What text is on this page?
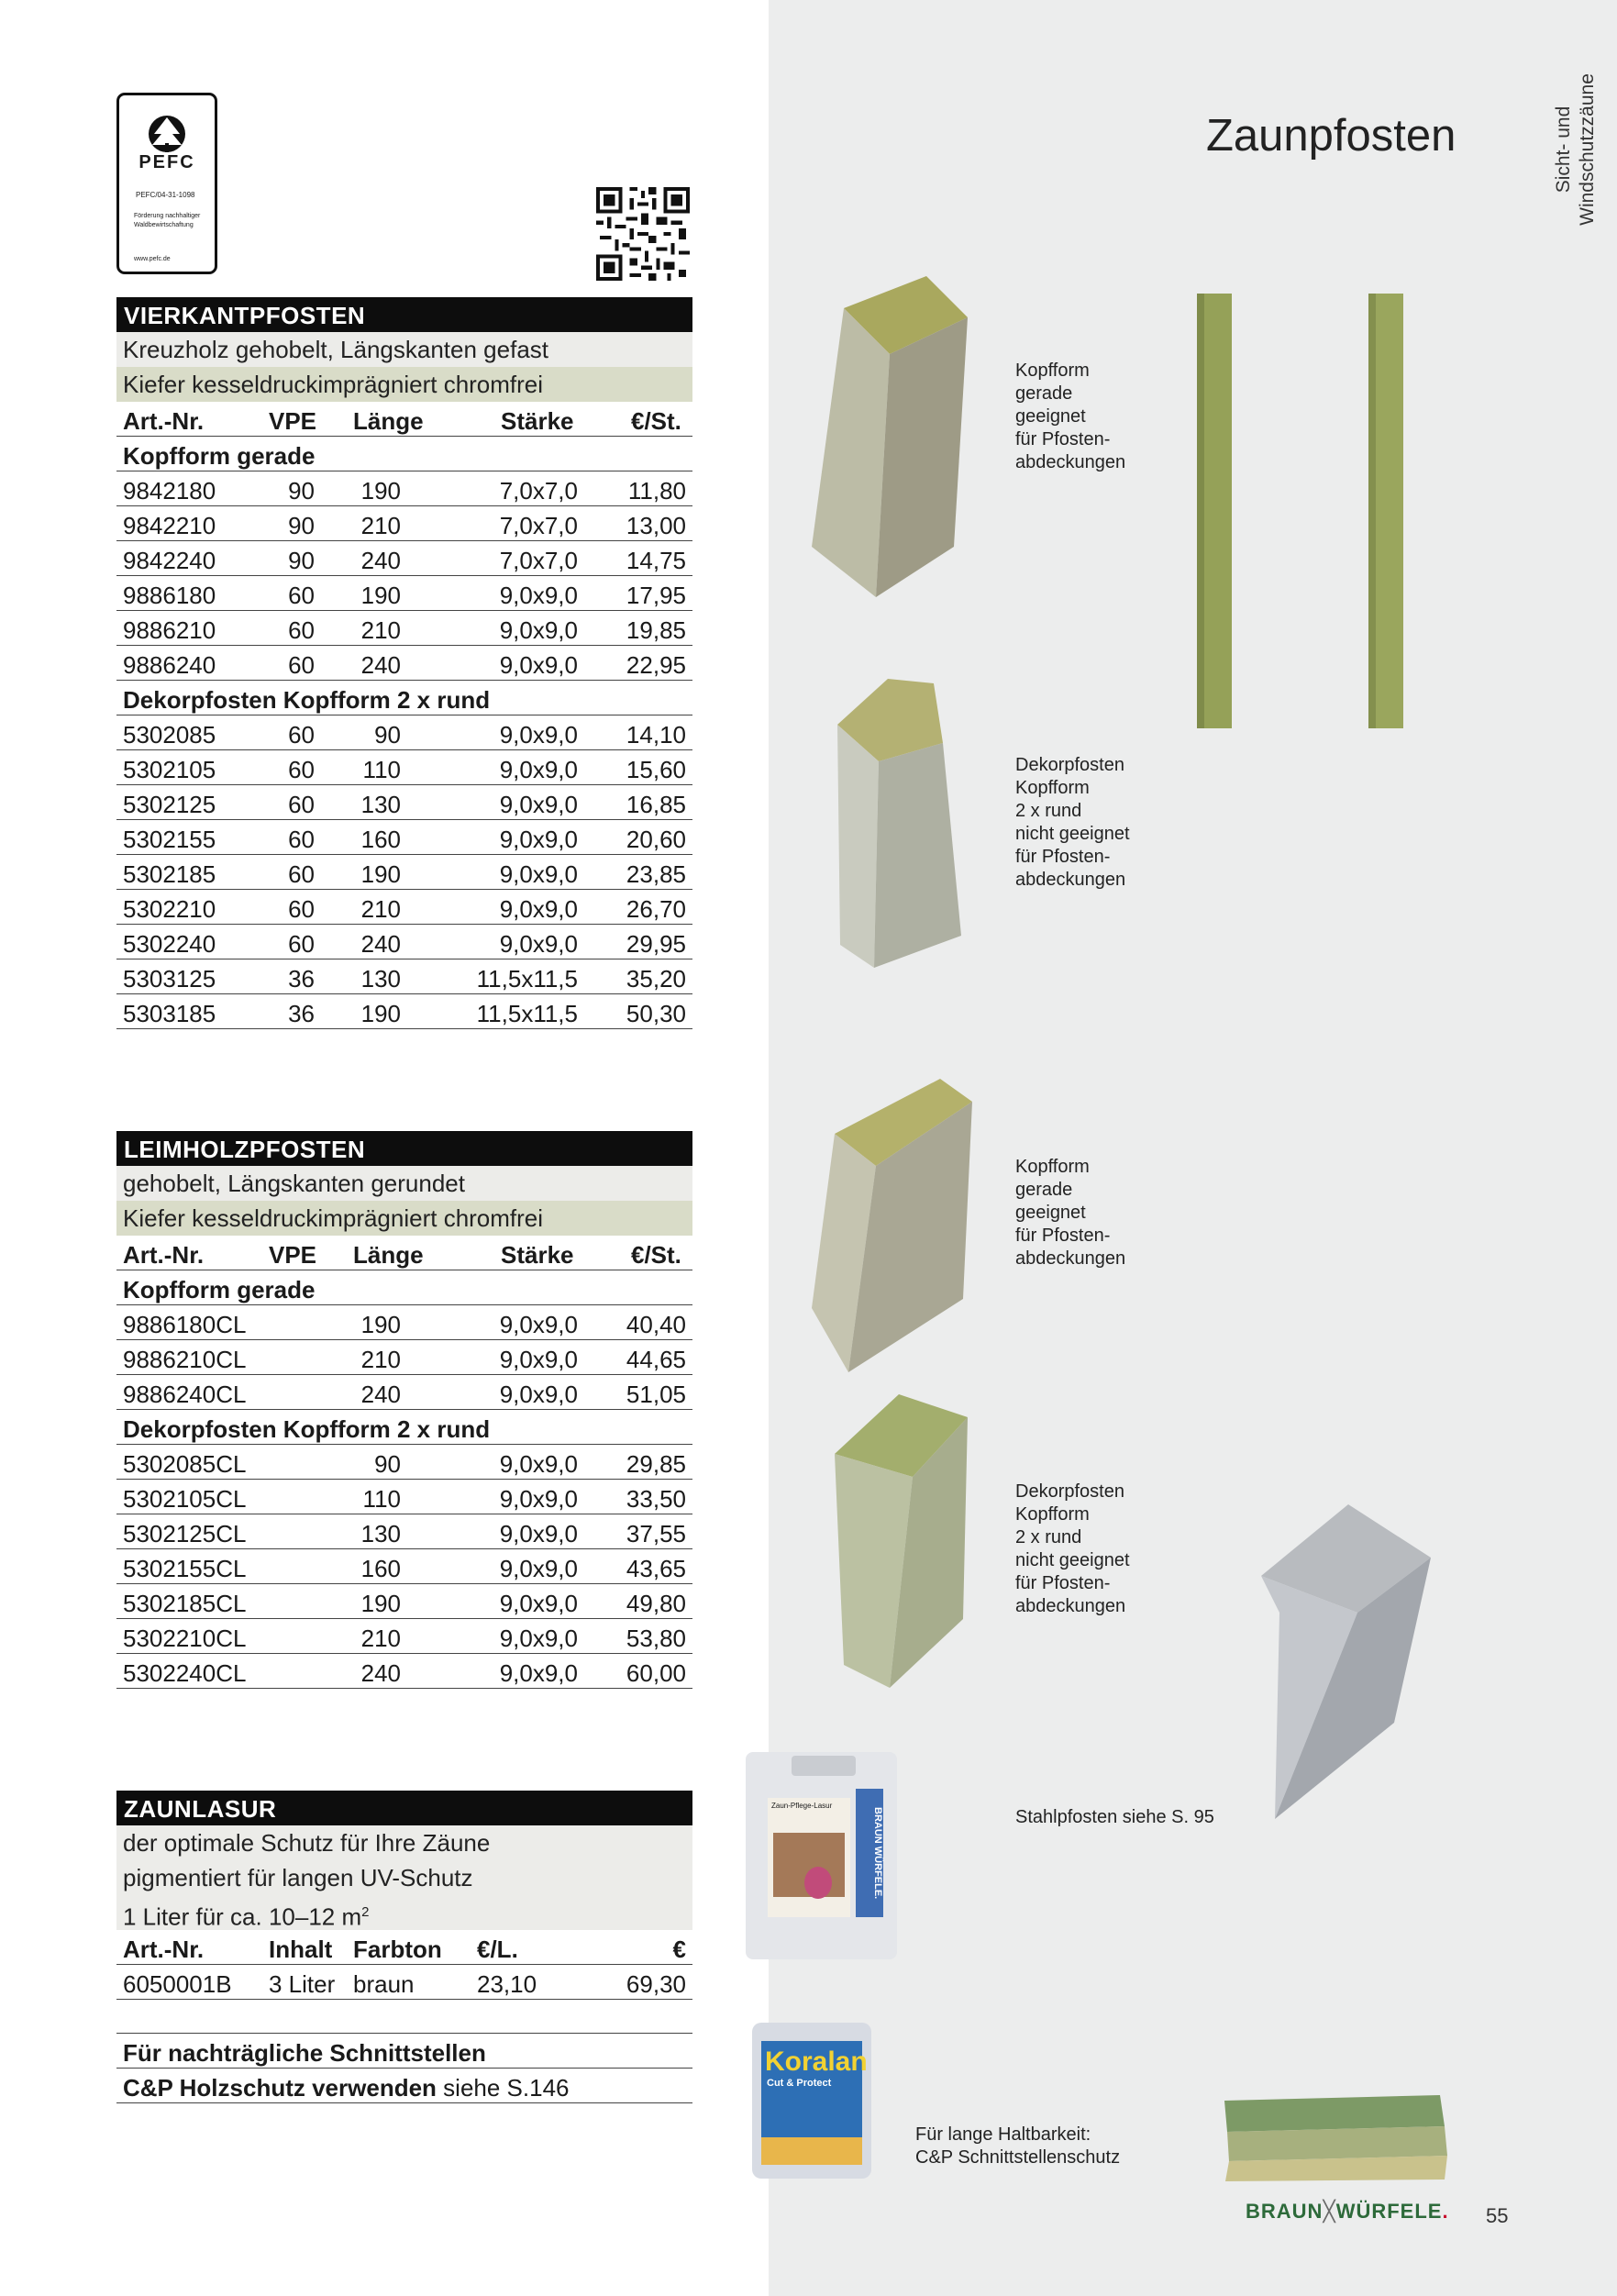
PEFC
PEFC/04-31-1098
Förderung nachhaltiger Waldbewirtschaftung
www.pefc.de
Zaunpfosten	Sicht- und Windschutzzäune
VIERKANTPFOSTEN
Kreuzholz gehobelt, Längskanten gefast
Kiefer kesseldruckimprägniert chromfrei
Art.-Nr.	VPE Länge	Stärke €/St.
Kopfform gerade
9842180	90	190	7,0x7,0	11,80
9842210	90	210	7,0x7,0	13,00
9842240	90	240	7,0x7,0	14,75
9886180	60	190	9,0x9,0	17,95
9886210	60	210	9,0x9,0	19,85
9886240	60	240	9,0x9,0	22,95
Dekorpfosten Kopfform 2 x rund
5302085	60	90	9,0x9,0	14,10
5302105	60	110	9,0x9,0	15,60
5302125	60	130	9,0x9,0	16,85
5302155	60	160	9,0x9,0	20,60
5302185	60	190	9,0x9,0	23,85
5302210	60	210	9,0x9,0	26,70
5302240	60	240	9,0x9,0	29,95
5303125	36	130	11,5x11,5	35,20
5303185	36	190	11,5x11,5	50,30
LEIMHOLZPFOSTEN
gehobelt, Längskanten gerundet
Kiefer kesseldruckimprägniert chromfrei
Art.-Nr.	VPE Länge	Stärke €/St.
Kopfform gerade
9886180CL	190	9,0x9,0	40,40
9886210CL	210	9,0x9,0	44,65
9886240CL	240	9,0x9,0	51,05
Dekorpfosten Kopfform 2 x rund
5302085CL	90	9,0x9,0	29,85
5302105CL	110	9,0x9,0	33,50
5302125CL	130	9,0x9,0	37,55
5302155CL	160	9,0x9,0	43,65
5302185CL	190	9,0x9,0	49,80
5302210CL	210	9,0x9,0	53,80
5302240CL	240	9,0x9,0	60,00
ZAUNLASUR
der optimale Schutz für Ihre Zäune
pigmentiert für langen UV-Schutz
1 Liter für ca. 10–12 $m^2$
Art.-Nr.	Inhalt Farbton €/L.	€
6050001B 3 Liter braun	23,10	69,30
Für nachträgliche Schnittstellen
C&P Holzschutz verwenden siehe S.146
Zaun-Pflege-Lasur
BRAUN WÜRFELE.
Koralan
Cut & Protect
Kopfform
gerade
geeignet
für Pfosten-
abdeckungen
Dekorpfosten
Kopfform
2 x rund
nicht geeignet
für Pfosten-
abdeckungen
Kopfform
gerade
geeignet
für Pfosten-
abdeckungen
Dekorpfosten
Kopfform
2 x rund
nicht geeignet
für Pfosten-
abdeckungen
Stahlpfosten siehe S. 95
Für lange Haltbarkeit:
C&P Schnittstellenschutz
BRAUN╳WÜRFELE. 55
